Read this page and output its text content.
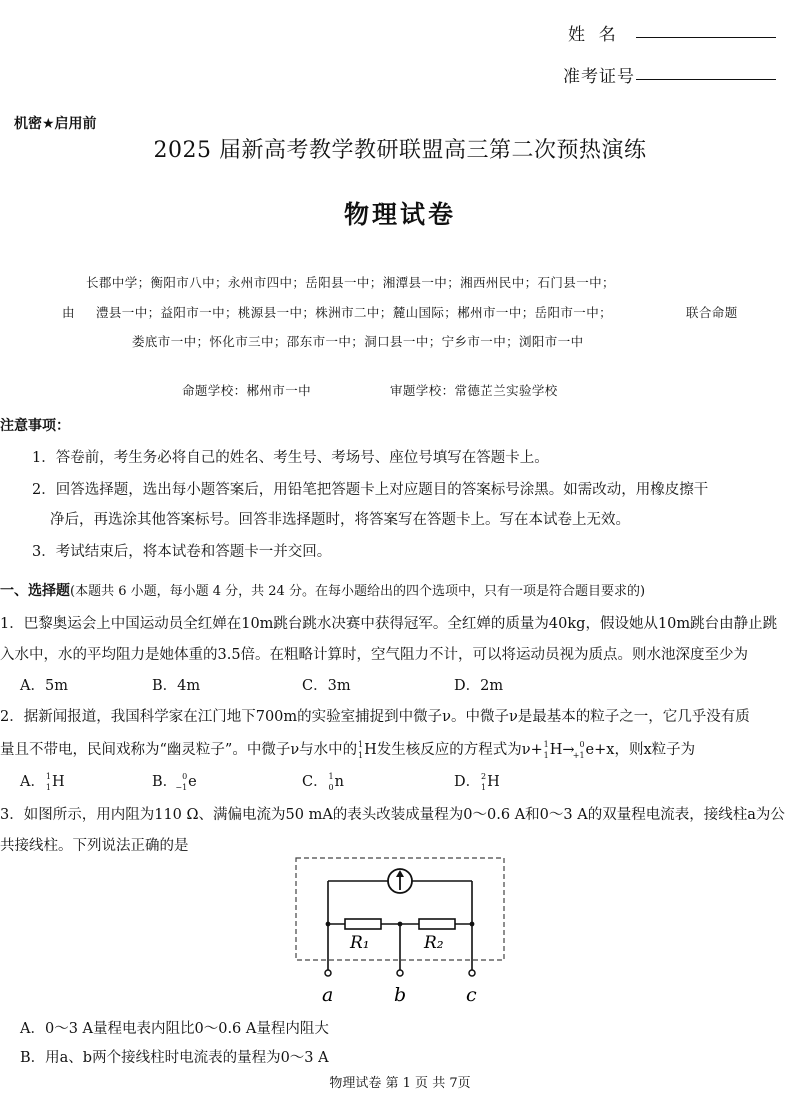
姓  名
准考证号
机密★启用前
2025 届新高考教学教研联盟高三第二次预热演练
物理试卷
长郡中学；衡阳市八中；永州市四中；岳阳县一中；湘潭县一中；湘西州民中；石门县一中；
由 澧县一中；益阳市一中；桃源县一中；株洲市二中；麓山国际；郴州市一中；岳阳市一中；	联合命题
娄底市一中；怀化市三中；邵东市一中；洞口县一中；宁乡市一中；浏阳市一中
命题学校：郴州市一中	审题学校：常德芷兰实验学校
注意事项：
1．答卷前，考生务必将自己的姓名、考生号、考场号、座位号填写在答题卡上。
2．回答选择题，选出每小题答案后，用铅笔把答题卡上对应题目的答案标号涂黑。如需改动，用橡皮擦干
净后，再选涂其他答案标号。回答非选择题时，将答案写在答题卡上。写在本试卷上无效。
3．考试结束后，将本试卷和答题卡一并交回。
一、选择题(本题共 6 小题，每小题 4 分，共 24 分。在每小题给出的四个选项中，只有一项是符合题目要求的)
1．巴黎奥运会上中国运动员全红婵在10m跳台跳水决赛中获得冠军。全红婵的质量为40kg，假设她从10m跳台由静止跳
入水中，水的平均阻力是她体重的3.5倍。在粗略计算时，空气阻力不计，可以将运动员视为质点。则水池深度至少为
A．5m	B．4m	C．3m	D．2m
2．据新闻报道，我国科学家在江门地下700m的实验室捕捉到中微子ν。中微子ν是最基本的粒子之一，它几乎没有质
量且不带电，民间戏称为“幽灵粒子”。中微子ν与水中的 1
1 H发生核反应的方程式为ν+ 1
1 H→ 0
+1 e+x，则x粒子为
A． 1
1 H	B． 0
−1 e	C． 1
0 n	D． 2
1 H
3．如图所示，用内阻为110 Ω、满偏电流为50 mA的表头改装成量程为0～0.6 A和0～3 A的双量程电流表，接线柱a为公
共接线柱。下列说法正确的是
R₁	R₂
a	b	c
A．0～3 A量程电表内阻比0～0.6 A量程内阻大
B．用a、b两个接线柱时电流表的量程为0～3 A
物理试卷 第 1 页 共 7页
